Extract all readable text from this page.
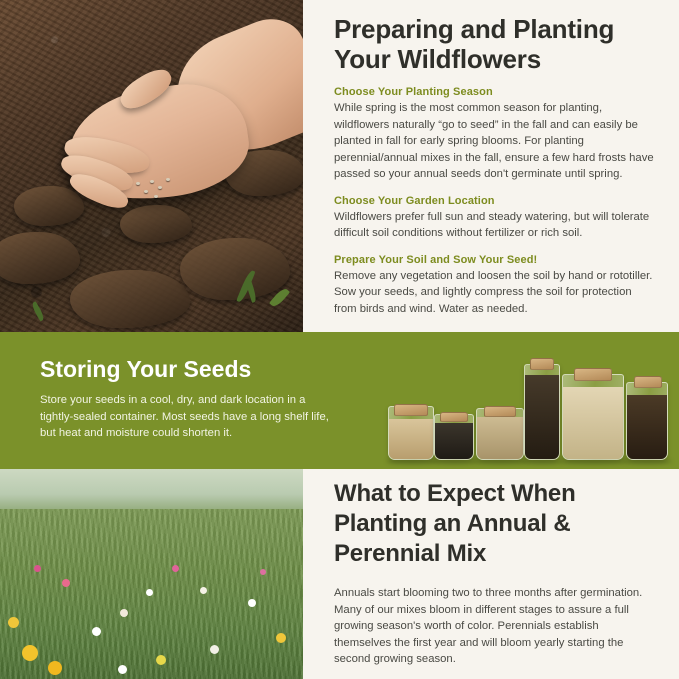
Preparing and Planting Your Wildflowers
Choose Your Planting Season
While spring is the most common season for planting, wildflowers naturally “go to seed” in the fall and can easily be planted in fall for early spring blooms. For planting perennial/annual mixes in the fall, ensure a few hard frosts have passed so your annual seeds don't germinate until spring.
Choose Your Garden Location
Wildflowers prefer full sun and steady watering, but will tolerate difficult soil conditions without fertilizer or rich soil.
Prepare Your Soil and Sow Your Seed!
Remove any vegetation and loosen the soil by hand or rototiller. Sow your seeds, and lightly compress the soil for protection from birds and wind. Water as needed.
Storing Your Seeds
Store your seeds in a cool, dry, and dark location in a tightly-sealed container. Most seeds have a long shelf life, but heat and moisture could shorten it.
What to Expect When Planting an Annual & Perennial Mix
Annuals start blooming two to three months after germination. Many of our mixes bloom in different stages to assure a full growing season's worth of color. Perennials establish themselves the first year and will bloom yearly starting the second growing season.
